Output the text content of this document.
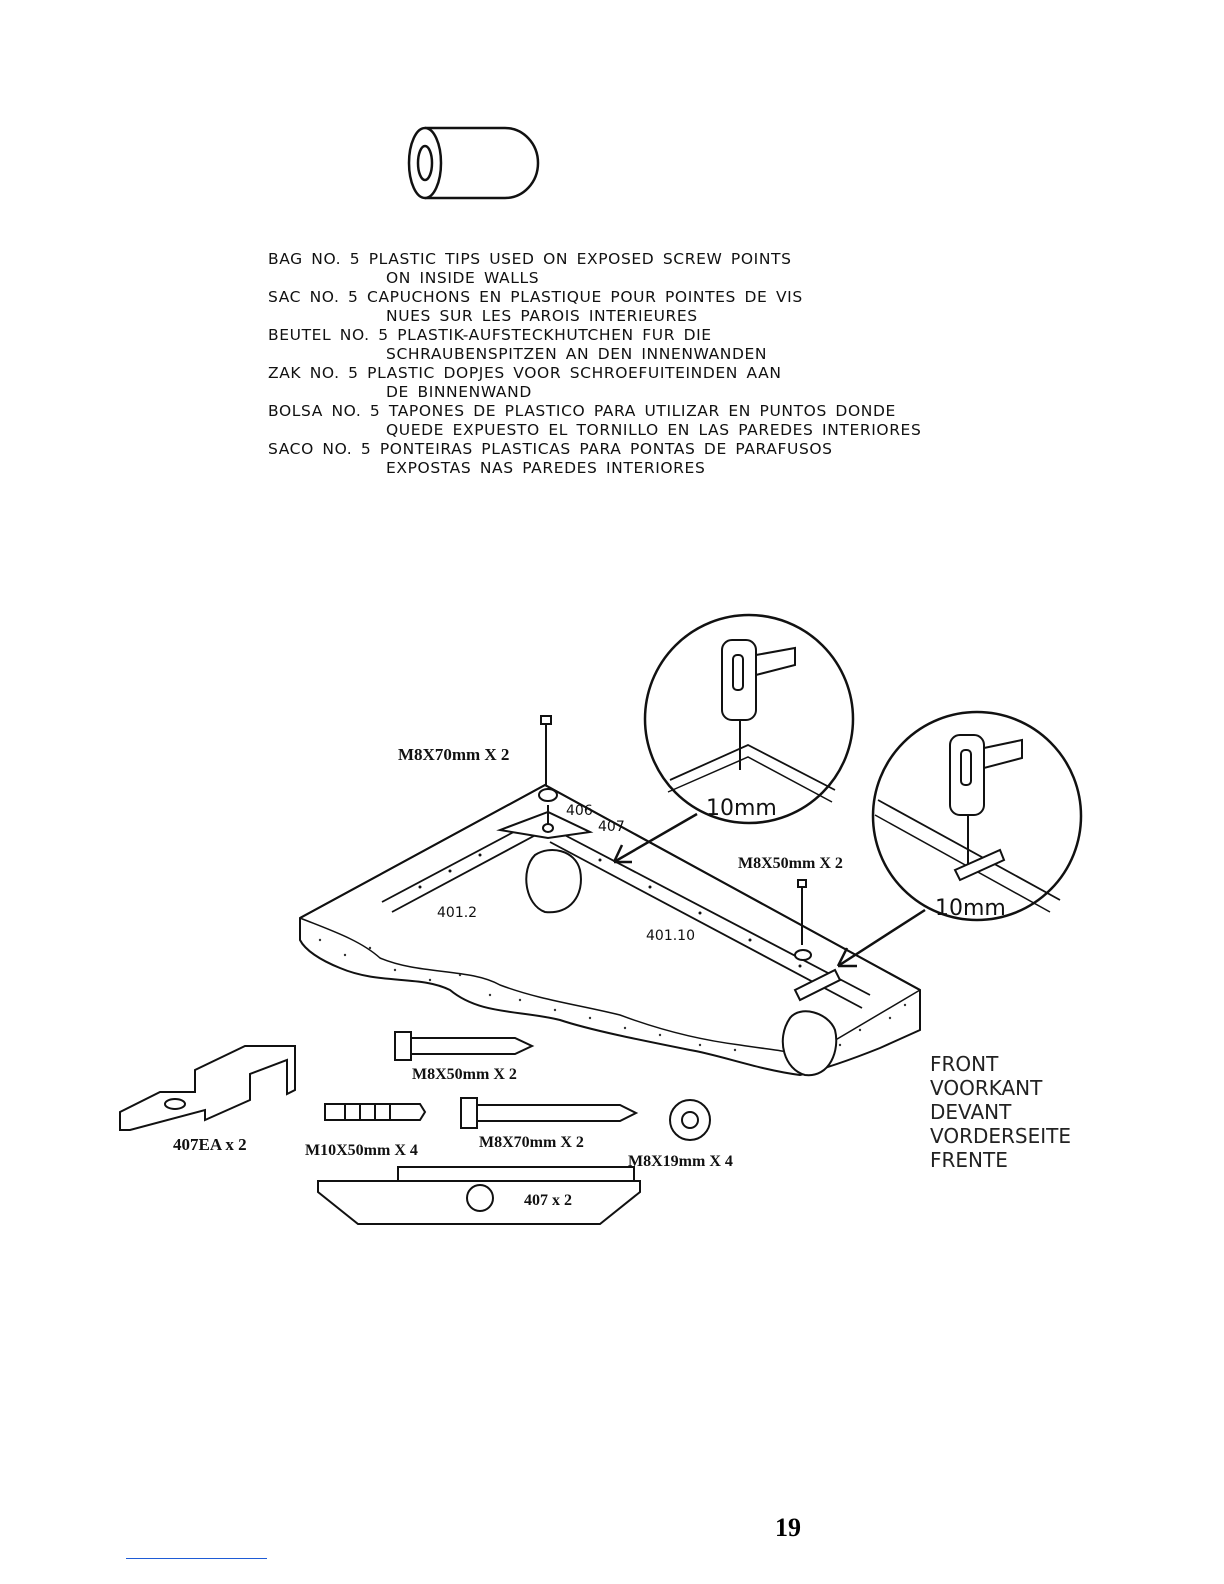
M8X70mm X 2
406
407
401.2
401.10
M8X50mm X 2
10mm
10mm
407EA x 2
M8X50mm X 2
M10X50mm X 4	M8X70mm X 2
M8X19mm X 4
407 x 2
BAG NO. 5 PLASTIC TIPS USED ON EXPOSED SCREW POINTS
ON INSIDE WALLS
SAC NO. 5 CAPUCHONS EN PLASTIQUE POUR POINTES DE VIS
NUES SUR LES PAROIS INTERIEURES
BEUTEL NO. 5 PLASTIK-AUFSTECKHUTCHEN FUR DIE
SCHRAUBENSPITZEN AN DEN INNENWANDEN
ZAK NO. 5 PLASTIC DOPJES VOOR SCHROEFUITEINDEN AAN
DE BINNENWAND
BOLSA NO. 5 TAPONES DE PLASTICO PARA UTILIZAR EN PUNTOS DONDE
QUEDE EXPUESTO EL TORNILLO EN LAS PAREDES INTERIORES
SACO NO. 5 PONTEIRAS PLASTICAS PARA PONTAS DE PARAFUSOS
EXPOSTAS NAS PAREDES INTERIORES
FRONT
VOORKANT
DEVANT
VORDERSEITE
FRENTE
19
